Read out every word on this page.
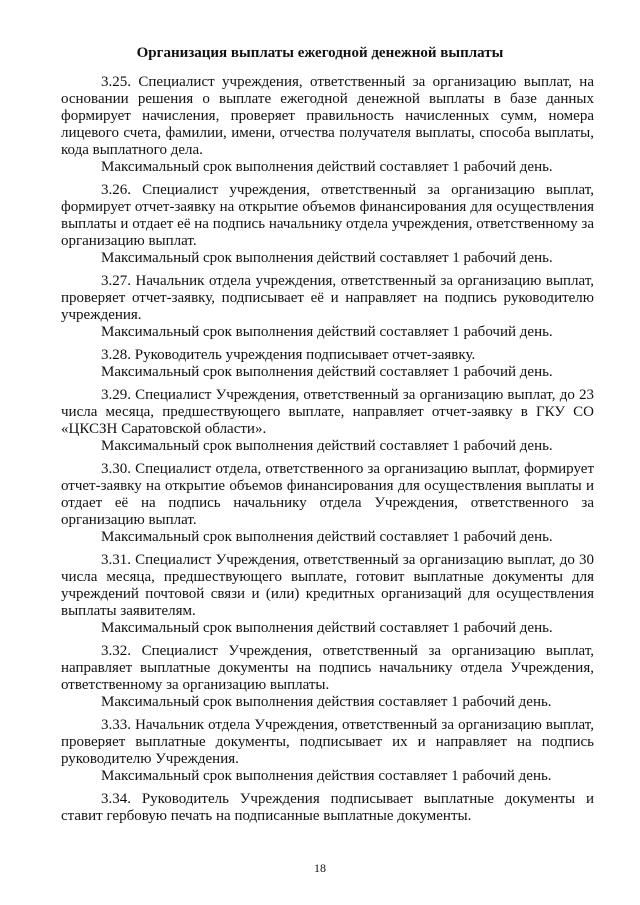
Организация выплаты ежегодной денежной выплаты

3.25. Специалист учреждения, ответственный за организацию выплат, на основании решения о выплате ежегодной денежной выплаты в базе данных формирует начисления, проверяет правильность начисленных сумм, номера лицевого счета, фамилии, имени, отчества получателя выплаты, способа выплаты, кода выплатного дела.

Максимальный срок выполнения действий составляет 1 рабочий день.

3.26. Специалист учреждения, ответственный за организацию выплат, формирует отчет-заявку на открытие объемов финансирования для осуществления выплаты и отдает её на подпись начальнику отдела учреждения, ответственному за организацию выплат.

Максимальный срок выполнения действий составляет 1 рабочий день.

3.27. Начальник отдела учреждения, ответственный за организацию выплат, проверяет отчет-заявку, подписывает её и направляет на подпись руководителю учреждения.

Максимальный срок выполнения действий составляет 1 рабочий день.

3.28. Руководитель учреждения подписывает отчет-заявку.

Максимальный срок выполнения действий составляет 1 рабочий день.

3.29. Специалист Учреждения, ответственный за организацию выплат, до 23 числа месяца, предшествующего выплате, направляет отчет-заявку в ГКУ СО «ЦКСЗН Саратовской области».

Максимальный срок выполнения действий составляет 1 рабочий день.

3.30. Специалист отдела, ответственного за организацию выплат, формирует отчет-заявку на открытие объемов финансирования для осуществления выплаты и отдает её на подпись начальнику отдела Учреждения, ответственного за организацию выплат.

Максимальный срок выполнения действий составляет 1 рабочий день.

3.31. Специалист Учреждения, ответственный за организацию выплат, до 30 числа месяца, предшествующего выплате, готовит выплатные документы для учреждений почтовой связи и (или) кредитных организаций для осуществления выплаты заявителям.

Максимальный срок выполнения действий составляет 1 рабочий день.

3.32. Специалист Учреждения, ответственный за организацию выплат, направляет выплатные документы на подпись начальнику отдела Учреждения, ответственному за организацию выплаты.

Максимальный срок выполнения действия составляет 1 рабочий день.

3.33. Начальник отдела Учреждения, ответственный за организацию выплат, проверяет выплатные документы, подписывает их и направляет на подпись руководителю Учреждения.

Максимальный срок выполнения действия составляет 1 рабочий день.

3.34. Руководитель Учреждения подписывает выплатные документы и ставит гербовую печать на подписанные выплатные документы.

18
